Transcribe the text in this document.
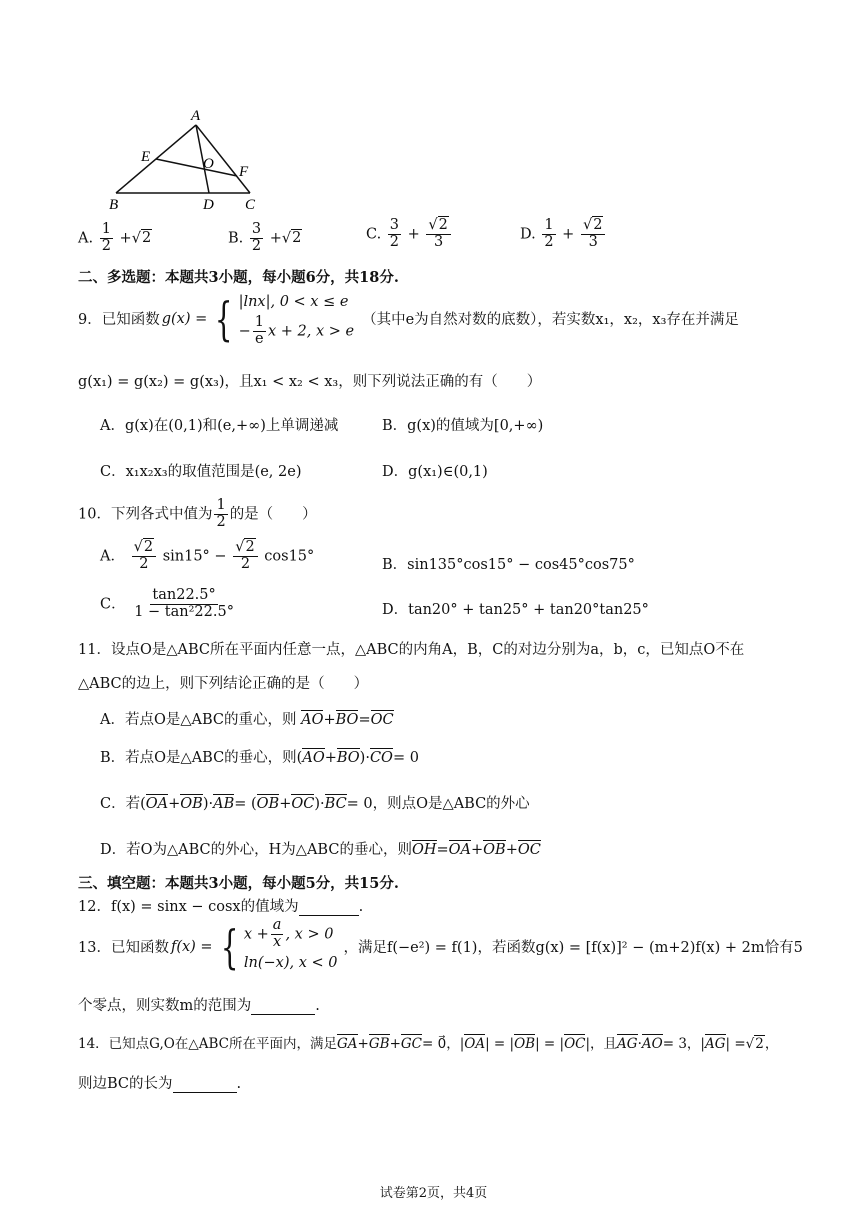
A
E	O F
B	D C
A. $\frac{1}{2} +√2$	B. $\frac{3}{2} +√2$	C. $\frac{3}{2} + \frac{√2}{3}$	D. $\frac{1}{2} + \frac{√2}{3}$
二、多选题：本题共3小题，每小题6分，共18分.
9．已知函数 g(x) = { |lnx|, 0 < x ≤ e
− $\frac{1}{e}$ x + 2, x > e
（其中e为自然对数的底数），若实数x₁，x₂，x₃存在并满足
g(x₁) = g(x₂) = g(x₃)，且x₁ < x₂ < x₃，则下列说法正确的有（　　）
A．g(x)在(0,1)和(e,+∞)上单调递减	B．g(x)的值域为[0,+∞)
C．x₁x₂x₃的取值范围是(e, 2e)	D．g(x₁)∈(0,1)
10．下列各式中值为 $\frac{1}{2}$ 的是（　　）
A． $\frac{√2}{2} \sin 15^\circ - \frac{√2}{2} \cos 15^\circ$
B．sin135°cos15° − cos45°cos75°
C． $\frac{\tan 22.5^\circ}{\text{1 − tan²22.5°}}$	D．tan20° + tan25° + tan20°tan25°
11．设点O是△ABC所在平面内任意一点，△ABC的内角A，B，C的对边分别为a，b，c，已知点O不在
△ABC的边上，则下列结论正确的是（　　）
A．若点O是△ABC的重心，则 AO+BO=OC
B．若点O是△ABC的垂心，则(AO+BO)·CO= 0
C．若(OA+OB)·AB= (OB+OC)·BC= 0，则点O是△ABC的外心
D．若O为△ABC的外心，H为△ABC的垂心，则OH=OA+OB+OC
三、填空题：本题共3小题，每小题5分，共15分.
12．f(x) = sinx − cosx的值域为	.
13．已知函数 f(x) = { $x + \frac{a}{x}$ , x > 0
ln(−x), x < 0
，满足f(−e²) = f(1)，若函数g(x) = [f(x)]² − (m+2)f(x) + 2m恰有5
个零点，则实数m的范围为	.
14．已知点G,O在△ABC所在平面内，满足GA+GB+GC= 0⃗，|OA| = |OB| = |OC|，且AG·AO= 3，|AG| =√2，
则边BC的长为	.
试卷第2页，共4页
